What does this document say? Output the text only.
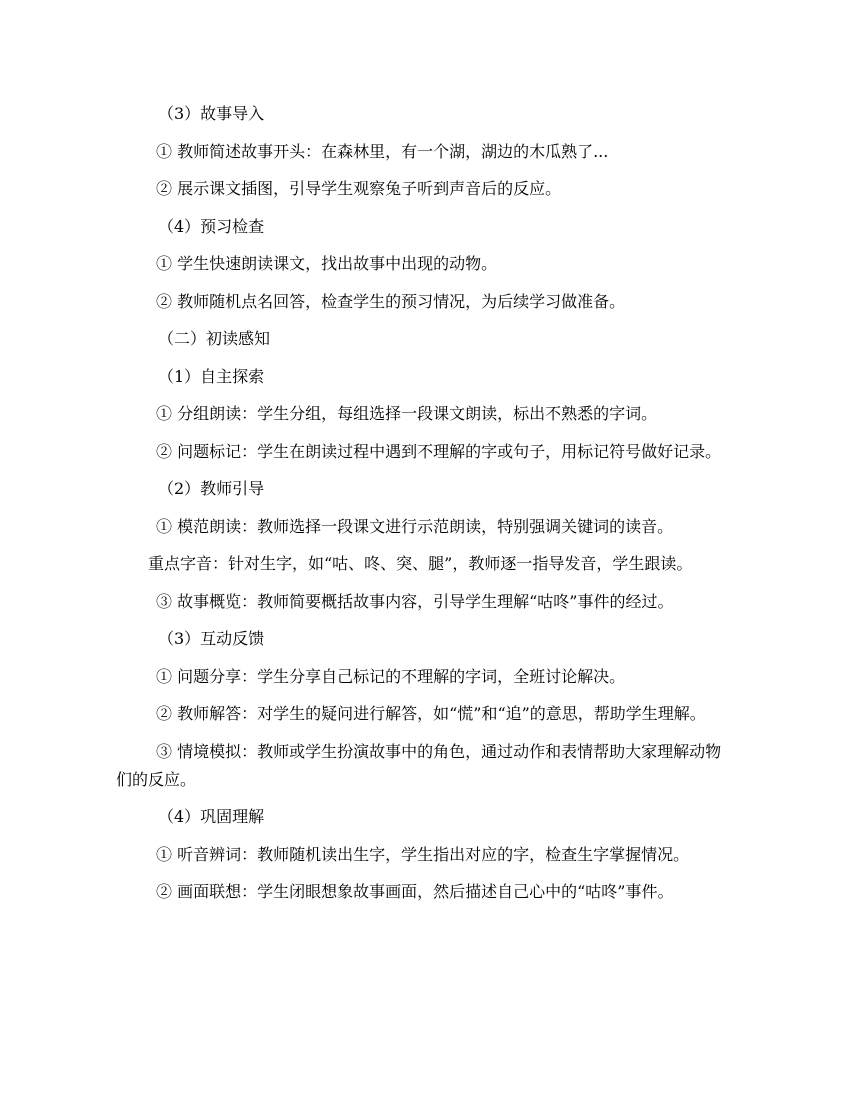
（3）故事导入

① 教师简述故事开头：在森林里，有一个湖，湖边的木瓜熟了...

② 展示课文插图，引导学生观察兔子听到声音后的反应。

（4）预习检查

① 学生快速朗读课文，找出故事中出现的动物。

② 教师随机点名回答，检查学生的预习情况，为后续学习做准备。

（二）初读感知

（1）自主探索

① 分组朗读：学生分组，每组选择一段课文朗读，标出不熟悉的字词。

② 问题标记：学生在朗读过程中遇到不理解的字或句子，用标记符号做好记录。

（2）教师引导

① 模范朗读：教师选择一段课文进行示范朗读，特别强调关键词的读音。

重点字音：针对生字，如“咕、咚、突、腿”，教师逐一指导发音，学生跟读。

③ 故事概览：教师简要概括故事内容，引导学生理解“咕咚”事件的经过。

（3）互动反馈

① 问题分享：学生分享自己标记的不理解的字词，全班讨论解决。

② 教师解答：对学生的疑问进行解答，如“慌”和“追”的意思，帮助学生理解。

③ 情境模拟：教师或学生扮演故事中的角色，通过动作和表情帮助大家理解动物们的反应。

（4）巩固理解

① 听音辨词：教师随机读出生字，学生指出对应的字，检查生字掌握情况。

② 画面联想：学生闭眼想象故事画面，然后描述自己心中的“咕咚”事件。
